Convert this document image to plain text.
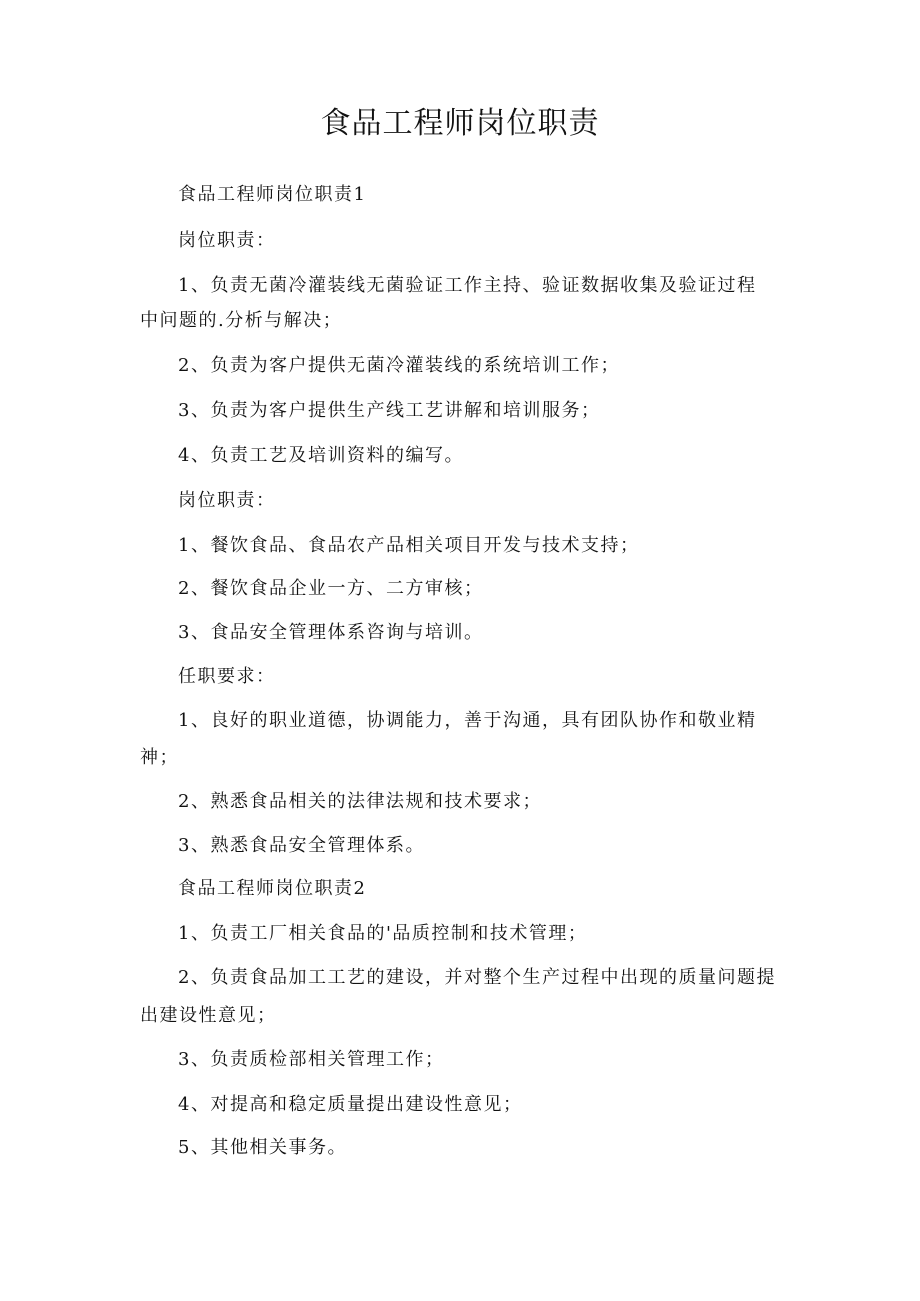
食品工程师岗位职责

食品工程师岗位职责1

岗位职责：

1、负责无菌冷灌装线无菌验证工作主持、验证数据收集及验证过程

中问题的.分析与解决；

2、负责为客户提供无菌冷灌装线的系统培训工作；

3、负责为客户提供生产线工艺讲解和培训服务；

4、负责工艺及培训资料的编写。

岗位职责：

1、餐饮食品、食品农产品相关项目开发与技术支持；

2、餐饮食品企业一方、二方审核；

3、食品安全管理体系咨询与培训。

任职要求：

1、良好的职业道德，协调能力，善于沟通，具有团队协作和敬业精

神；

2、熟悉食品相关的法律法规和技术要求；

3、熟悉食品安全管理体系。

食品工程师岗位职责2

1、负责工厂相关食品的'品质控制和技术管理；

2、负责食品加工工艺的建设，并对整个生产过程中出现的质量问题提

出建设性意见；

3、负责质检部相关管理工作；

4、对提高和稳定质量提出建设性意见；

5、其他相关事务。
